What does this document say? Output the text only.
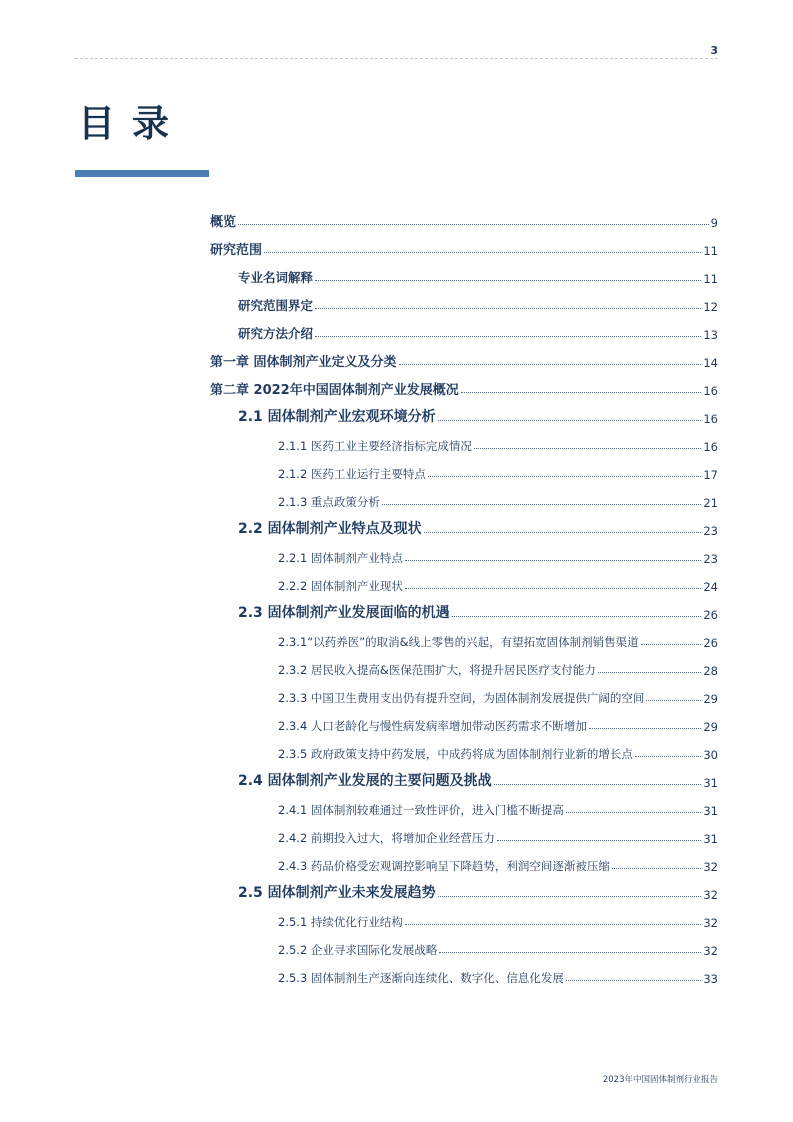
3
目录
概览	9
研究范围	11
专业名词解释	11
研究范围界定	12
研究方法介绍	13
第一章 固体制剂产业定义及分类	14
第二章 2022年中国固体制剂产业发展概况	16
2.1 固体制剂产业宏观环境分析	16
2.1.1 医药工业主要经济指标完成情况	16
2.1.2 医药工业运行主要特点	17
2.1.3 重点政策分析	21
2.2 固体制剂产业特点及现状	23
2.2.1 固体制剂产业特点	23
2.2.2 固体制剂产业现状	24
2.3 固体制剂产业发展面临的机遇	26
2.3.1“以药养医”的取消&线上零售的兴起，有望拓宽固体制剂销售渠道	26
2.3.2 居民收入提高&医保范围扩大，将提升居民医疗支付能力	28
2.3.3 中国卫生费用支出仍有提升空间，为固体制剂发展提供广阔的空间	29
2.3.4 人口老龄化与慢性病发病率增加带动医药需求不断增加	29
2.3.5 政府政策支持中药发展，中成药将成为固体制剂行业新的增长点	30
2.4 固体制剂产业发展的主要问题及挑战	31
2.4.1 固体制剂较难通过一致性评价，进入门槛不断提高	31
2.4.2 前期投入过大，将增加企业经营压力	31
2.4.3 药品价格受宏观调控影响呈下降趋势，利润空间逐渐被压缩	32
2.5 固体制剂产业未来发展趋势	32
2.5.1 持续优化行业结构	32
2.5.2 企业寻求国际化发展战略	32
2.5.3 固体制剂生产逐渐向连续化、数字化、信息化发展	33
2023年中国固体制剂行业报告
